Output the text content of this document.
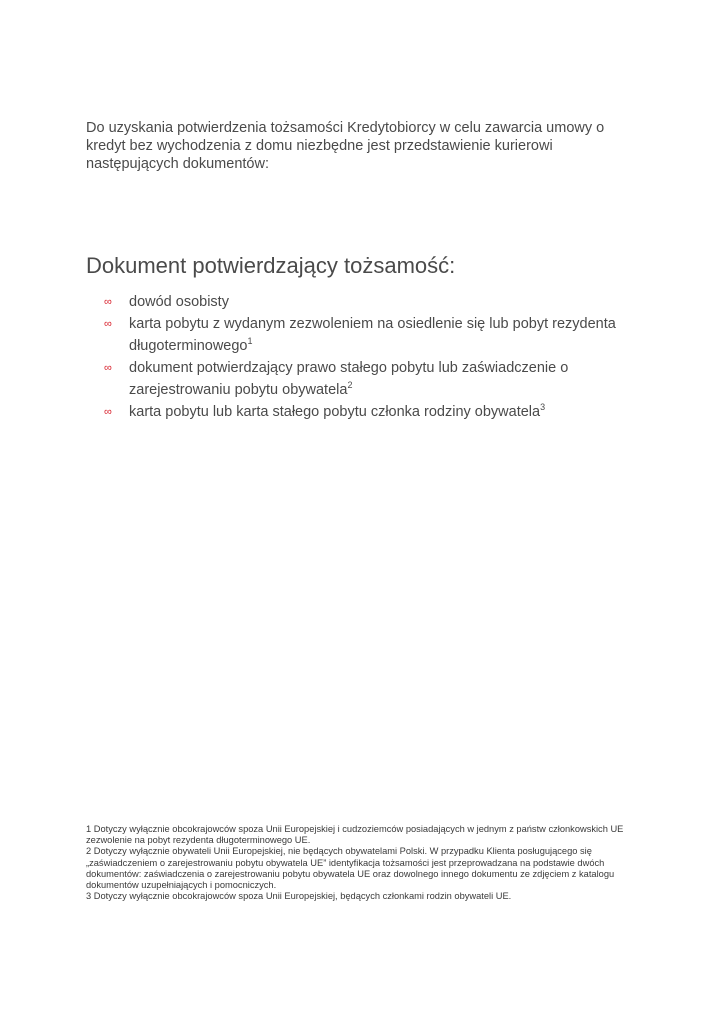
Do uzyskania potwierdzenia tożsamości Kredytobiorcy w celu zawarcia umowy o kredyt bez wychodzenia z domu niezbędne jest przedstawienie kurierowi następujących dokumentów:

Dokument potwierdzający tożsamość:
∞	dowód osobisty
∞	karta pobytu z wydanym zezwoleniem na osiedlenie się lub pobyt rezydenta długoterminowego$^1$
∞	dokument potwierdzający prawo stałego pobytu lub zaświadczenie o zarejestrowaniu pobytu obywatela$^2$
∞	karta pobytu lub karta stałego pobytu członka rodziny obywatela$^3$

1 Dotyczy wyłącznie obcokrajowców spoza Unii Europejskiej i cudzoziemców posiadających w jednym z państw członkowskich UE zezwolenie na pobyt rezydenta długoterminowego UE.

2 Dotyczy wyłącznie obywateli Unii Europejskiej, nie będących obywatelami Polski. W przypadku Klienta posługującego się „zaświadczeniem o zarejestrowaniu pobytu obywatela UE” identyfikacja tożsamości jest przeprowadzana na podstawie dwóch dokumentów: zaświadczenia o zarejestrowaniu pobytu obywatela UE oraz dowolnego innego dokumentu ze zdjęciem z katalogu dokumentów uzupełniających i pomocniczych.

3 Dotyczy wyłącznie obcokrajowców spoza Unii Europejskiej, będących członkami rodzin obywateli UE.
